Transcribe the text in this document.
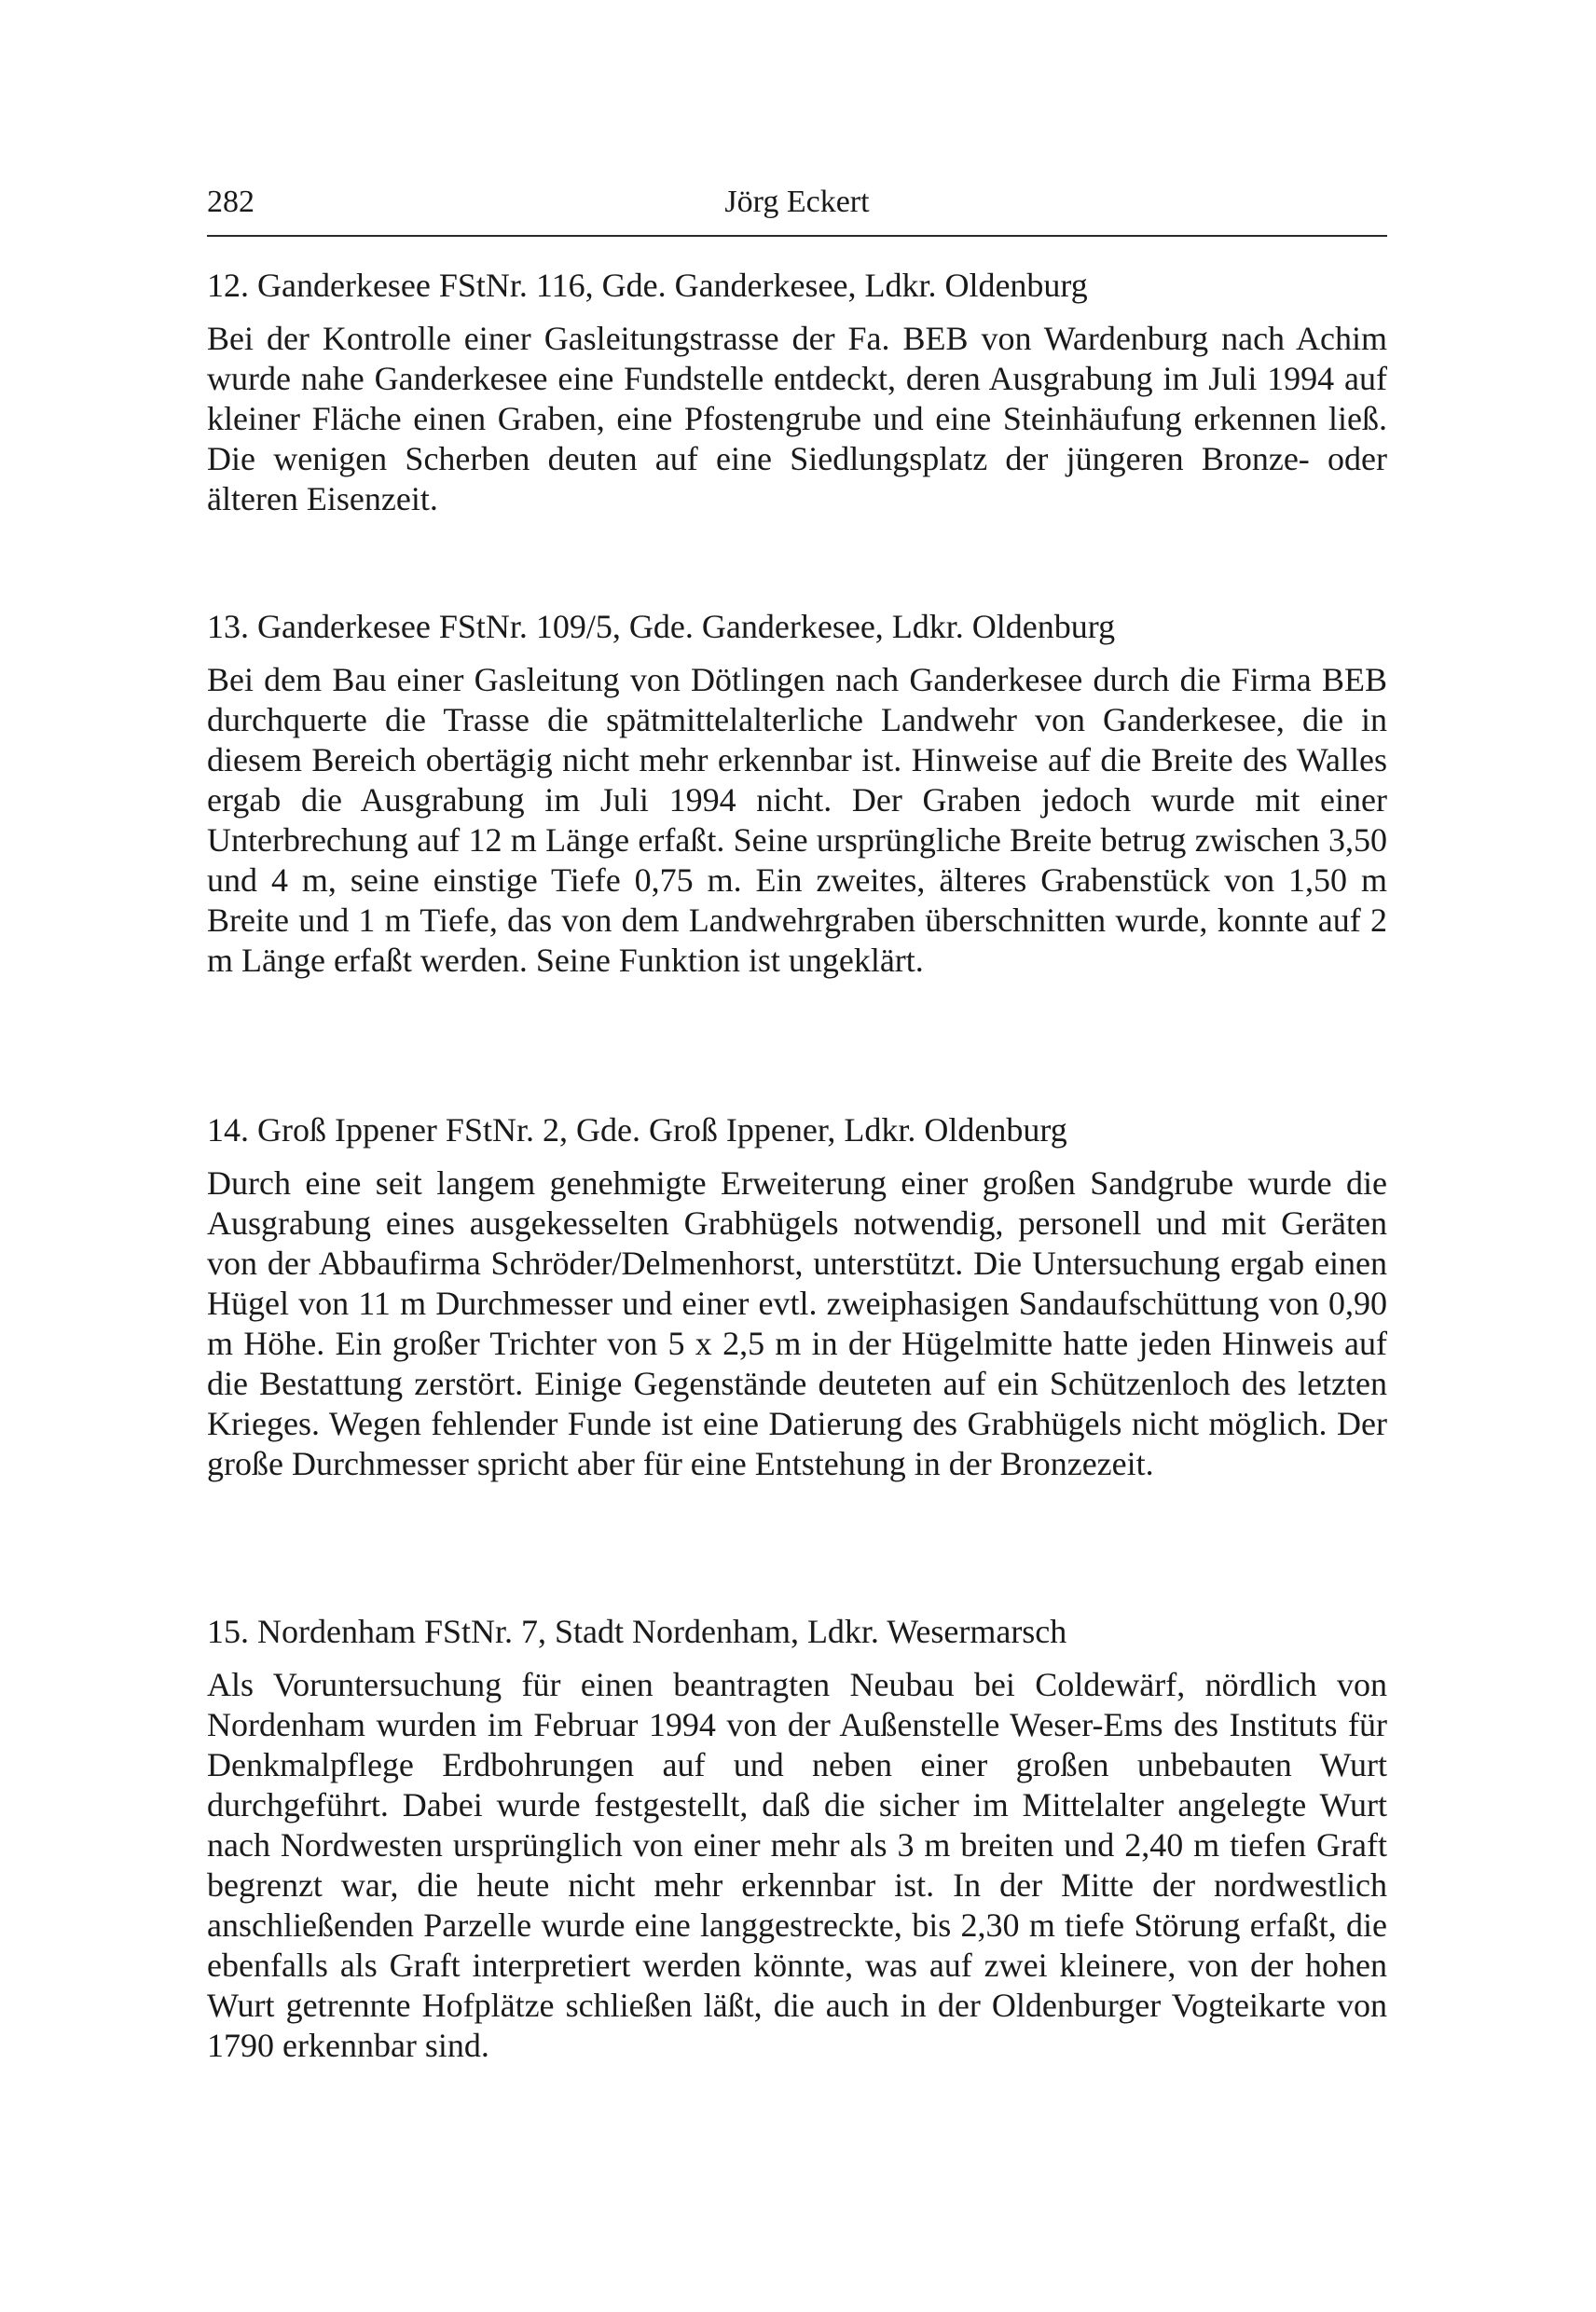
282	Jörg Eckert
12. Ganderkesee FStNr. 116, Gde. Ganderkesee, Ldkr. Oldenburg

Bei der Kontrolle einer Gasleitungstrasse der Fa. BEB von Wardenburg nach Achim wurde nahe Ganderkesee eine Fundstelle entdeckt, deren Ausgrabung im Juli 1994 auf kleiner Fläche einen Graben, eine Pfostengrube und eine Steinhäufung erkennen ließ. Die wenigen Scherben deuten auf eine Siedlungsplatz der jüngeren Bronze- oder älteren Eisenzeit.

13. Ganderkesee FStNr. 109/5, Gde. Ganderkesee, Ldkr. Oldenburg

Bei dem Bau einer Gasleitung von Dötlingen nach Ganderkesee durch die Firma BEB durchquerte die Trasse die spätmittelalterliche Landwehr von Ganderkesee, die in diesem Bereich obertägig nicht mehr erkennbar ist. Hinweise auf die Breite des Walles ergab die Ausgrabung im Juli 1994 nicht. Der Graben jedoch wurde mit einer Unterbrechung auf 12 m Länge erfaßt. Seine ursprüngliche Breite betrug zwischen 3,50 und 4 m, seine einstige Tiefe 0,75 m. Ein zweites, älteres Grabenstück von 1,50 m Breite und 1 m Tiefe, das von dem Landwehrgraben überschnitten wurde, konnte auf 2 m Länge erfaßt werden. Seine Funktion ist ungeklärt.

14. Groß Ippener FStNr. 2, Gde. Groß Ippener, Ldkr. Oldenburg

Durch eine seit langem genehmigte Erweiterung einer großen Sandgrube wurde die Ausgrabung eines ausgekesselten Grabhügels notwendig, personell und mit Geräten von der Abbaufirma Schröder/Delmenhorst, unterstützt. Die Untersuchung ergab einen Hügel von 11 m Durchmesser und einer evtl. zweiphasigen Sandaufschüttung von 0,90 m Höhe. Ein großer Trichter von 5 x 2,5 m in der Hügelmitte hatte jeden Hinweis auf die Bestattung zerstört. Einige Gegenstände deuteten auf ein Schützenloch des letzten Krieges. Wegen fehlender Funde ist eine Datierung des Grabhügels nicht möglich. Der große Durchmesser spricht aber für eine Entstehung in der Bronzezeit.

15. Nordenham FStNr. 7, Stadt Nordenham, Ldkr. Wesermarsch

Als Voruntersuchung für einen beantragten Neubau bei Coldewärf, nördlich von Nordenham wurden im Februar 1994 von der Außenstelle Weser-Ems des Instituts für Denkmalpflege Erdbohrungen auf und neben einer großen unbebauten Wurt durchgeführt. Dabei wurde festgestellt, daß die sicher im Mittelalter angelegte Wurt nach Nordwesten ursprünglich von einer mehr als 3 m breiten und 2,40 m tiefen Graft begrenzt war, die heute nicht mehr erkennbar ist. In der Mitte der nordwestlich anschließenden Parzelle wurde eine langgestreckte, bis 2,30 m tiefe Störung erfaßt, die ebenfalls als Graft interpretiert werden könnte, was auf zwei kleinere, von der hohen Wurt getrennte Hofplätze schließen läßt, die auch in der Oldenburger Vogteikarte von 1790 erkennbar sind.
